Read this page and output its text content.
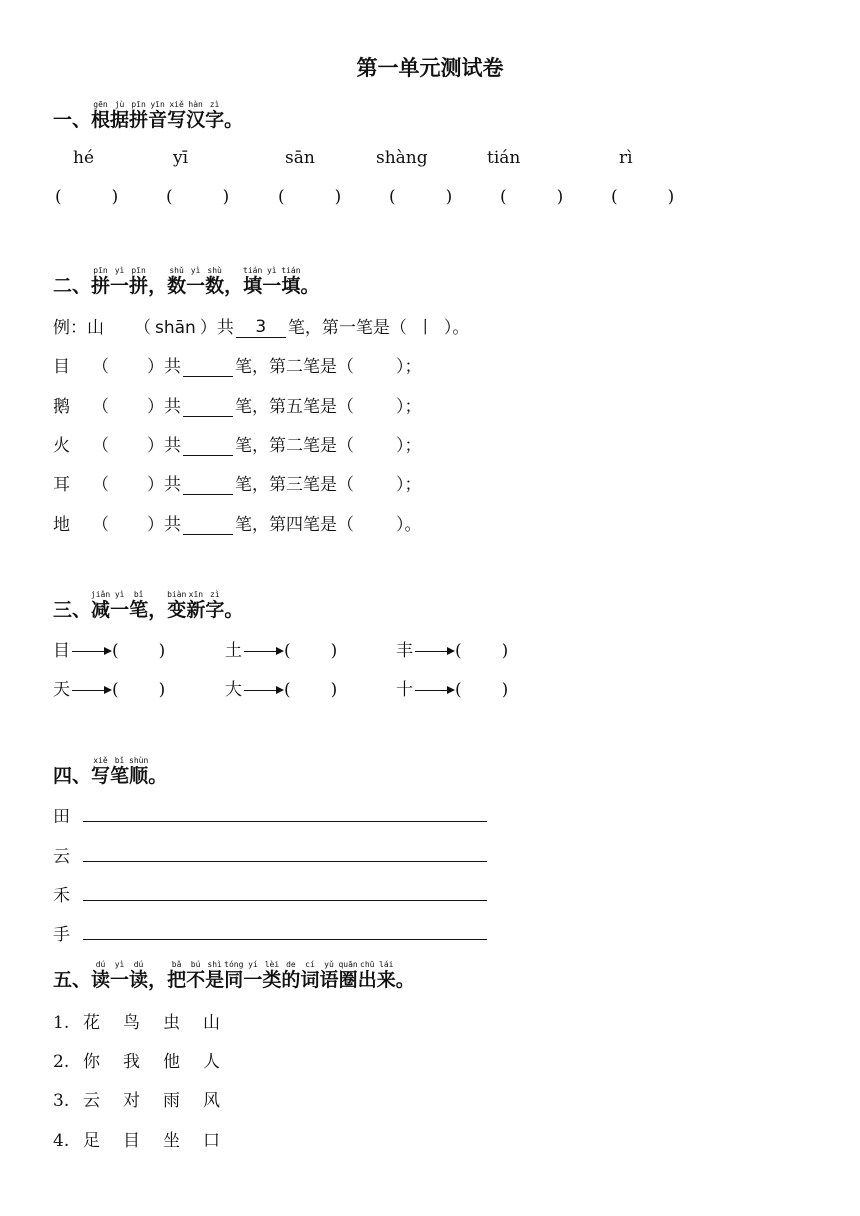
第一单元测试卷
一、根gēn据jù拼pīn音yīn写xiě汉hàn字zì。
hé	yī	sān	shàng	tián	rì
(	)	(	)	(	)	(	)	(	)	(	)
二、拼pīn一yì拼pīn，数shǔ一yì数shù，填tián一yì填tián。
例：山 （ shān ）共 3 笔，第一笔是（ 丨 ）。
目 （ ）共	笔，第二笔是（ ）；
鹅 （ ）共	笔，第五笔是（ ）；
火 （ ）共	笔，第二笔是（ ）；
耳 （ ）共	笔，第三笔是（ ）；
地 （ ）共	笔，第四笔是（ ）。
三、减jiǎn一yì笔bǐ，变biàn新xīn字zì。
目 ( )	土 ( )	丰 ( )
天 ( )	大 ( )	十 ( )
四、写xiě笔bǐ顺shùn。
田
云
禾
手
五、读dú一yì读dú，把bǎ不bú是shì同tóng一yí类lèi的de词cí语yǔ圈quān出chū来lái。
1. 花 鸟 虫 山
2. 你 我 他 人
3. 云 对 雨 风
4. 足 目 坐 口
